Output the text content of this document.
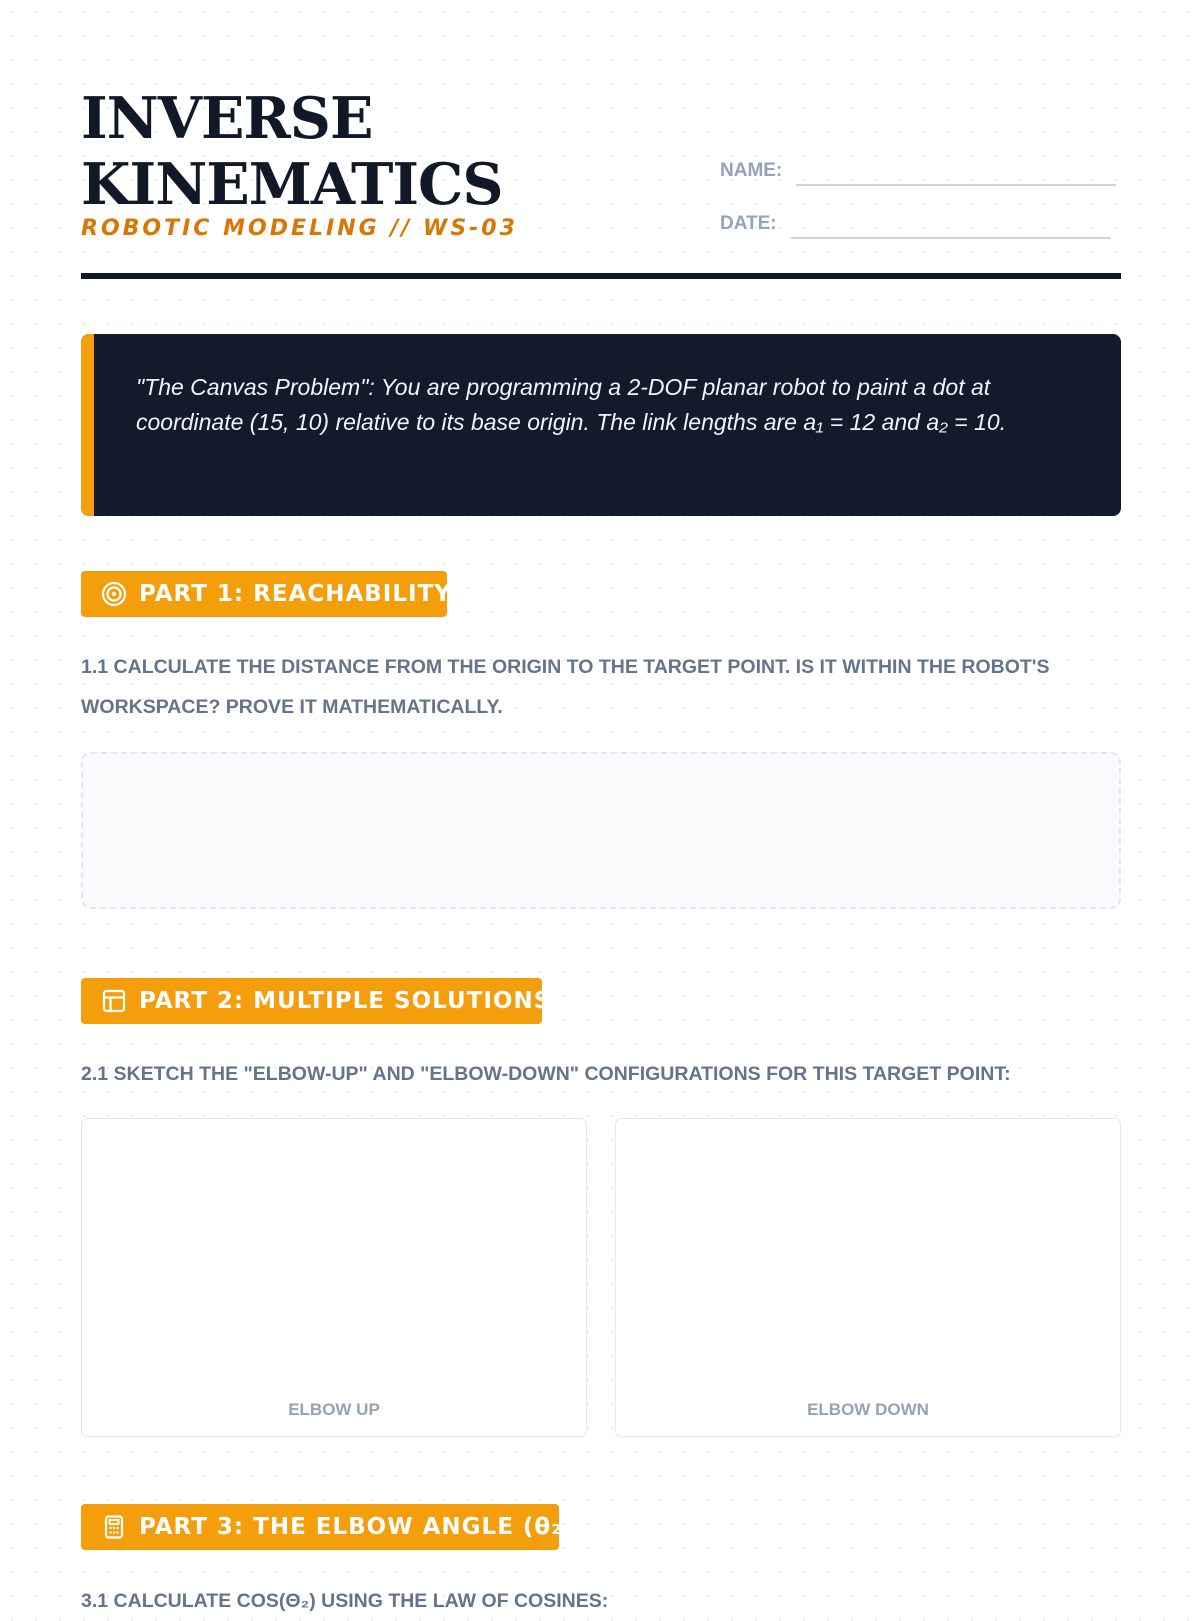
INVERSE
KINEMATICS
ROBOTIC MODELING // WS-03
NAME:
DATE:

"The Canvas Problem": You are programming a 2-DOF planar robot to paint a dot at coordinate (15, 10) relative to its base origin. The link lengths are a₁ = 12 and a₂ = 10.

PART 1: REACHABILITY

1.1 CALCULATE THE DISTANCE FROM THE ORIGIN TO THE TARGET POINT. IS IT WITHIN THE ROBOT'S WORKSPACE? PROVE IT MATHEMATICALLY.

PART 2: MULTIPLE SOLUTIONS

2.1 SKETCH THE "ELBOW-UP" AND "ELBOW-DOWN" CONFIGURATIONS FOR THIS TARGET POINT:

ELBOW UP	ELBOW DOWN
PART 3: THE ELBOW ANGLE (θ₂)

3.1 CALCULATE COS(Θ₂) USING THE LAW OF COSINES:
